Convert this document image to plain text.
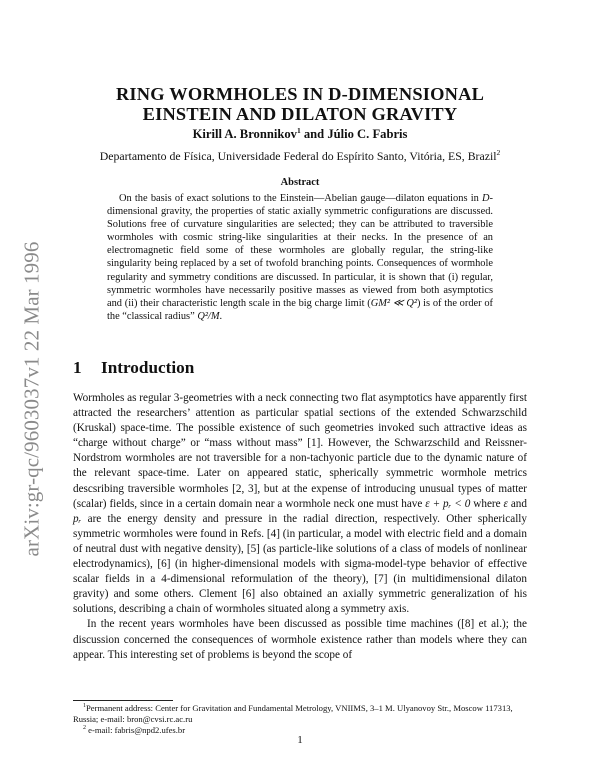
arXiv:gr-qc/9603037v1 22 Mar 1996
RING WORMHOLES IN D-DIMENSIONAL
EINSTEIN AND DILATON GRAVITY

Kirill A. Bronnikov$^1$ and Júlio C. Fabris

Departamento de Física, Universidade Federal do Espírito Santo, Vitória, ES, Brazil$^2$

Abstract

On the basis of exact solutions to the Einstein—Abelian gauge—dilaton equations in D-dimensional gravity, the properties of static axially symmetric configurations are discussed. Solutions free of curvature singularities are selected; they can be attributed to traversible wormholes with cosmic string-like singularities at their necks. In the presence of an electromagnetic field some of these wormholes are globally regular, the string-like singularity being replaced by a set of twofold branching points. Consequences of wormhole regularity and symmetry conditions are discussed. In particular, it is shown that (i) regular, symmetric wormholes have necessarily positive masses as viewed from both asymptotics and (ii) their characteristic length scale in the big charge limit (GM² ≪ Q²) is of the order of the “classical radius” Q²/M.

1 Introduction

Wormholes as regular 3-geometries with a neck connecting two flat asymptotics have apparently first attracted the researchers’ attention as particular spatial sections of the extended Schwarzschild (Kruskal) space-time. The possible existence of such geometries invoked such attractive ideas as “charge without charge” or “mass without mass” [1]. However, the Schwarzschild and Reissner-Nordstrom wormholes are not traversible for a non-tachyonic particle due to the dynamic nature of the relevant space-time. Later on appeared static, spherically symmetric wormhole metrics descsribing traversible wormholes [2, 3], but at the expense of introducing unusual types of matter (scalar) fields, since in a certain domain near a wormhole neck one must have ε + pᵣ < 0 where ε and pᵣ are the energy density and pressure in the radial direction, respectively. Other spherically symmetric wormholes were found in Refs. [4] (in particular, a model with electric field and a domain of neutral dust with negative density), [5] (as particle-like solutions of a class of models of nonlinear electrodynamics), [6] (in higher-dimensional models with sigma-model-type behavior of effective scalar fields in a 4-dimensional reformulation of the theory), [7] (in multidimensional dilaton gravity) and some others. Clement [6] also obtained an axially symmetric generalization of his solutions, describing a chain of wormholes situated along a symmetry axis.

In the recent years wormholes have been discussed as possible time machines ([8] et al.); the discussion concerned the consequences of wormhole existence rather than models where they can appear. This interesting set of problems is beyond the scope of

$^1$Permanent address: Center for Gravitation and Fundamental Metrology, VNIIMS, 3–1 M. Ulyanovoy Str., Moscow 117313, Russia; e-mail: bron@cvsi.rc.ac.ru

$^2$ e-mail: fabris@npd2.ufes.br

1
